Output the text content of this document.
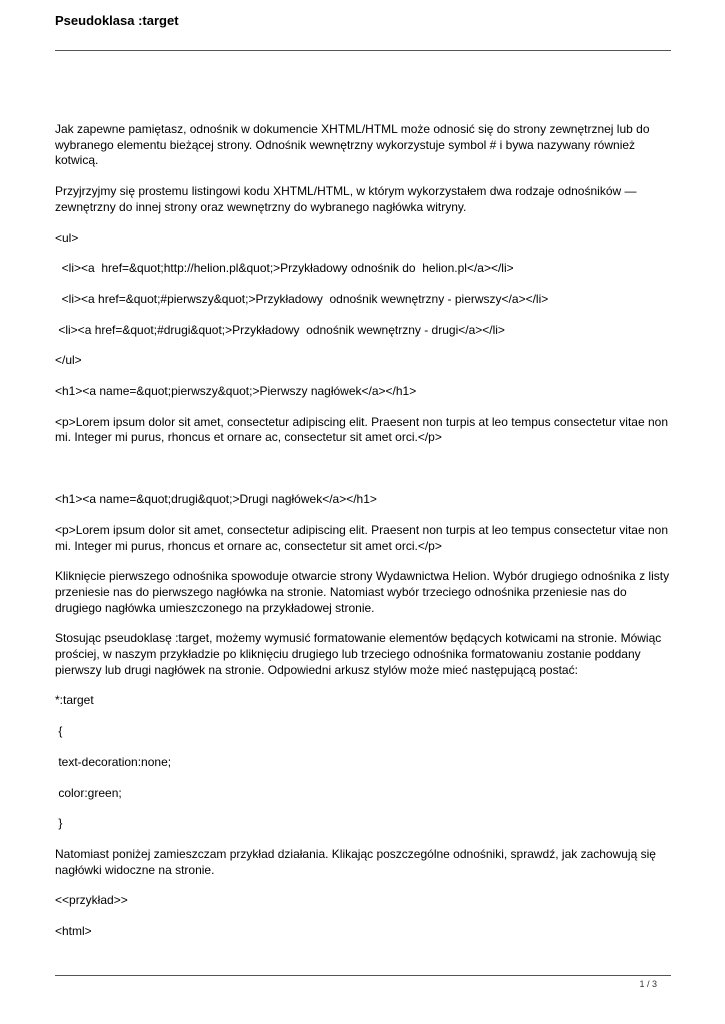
Pseudoklasa :target

Jak zapewne pamiętasz, odnośnik w dokumencie XHTML/HTML może odnosić się do strony zewnętrznej lub do wybranego elementu bieżącej strony. Odnośnik wewnętrzny wykorzystuje symbol # i bywa nazywany również kotwicą.

Przyjrzyjmy się prostemu listingowi kodu XHTML/HTML, w którym wykorzystałem dwa rodzaje odnośników — zewnętrzny do innej strony oraz wewnętrzny do wybranego nagłówka witryny.

<ul>

<li><a  href=&quot;http://helion.pl&quot;>Przykładowy odnośnik do  helion.pl</a></li>

<li><a href=&quot;#pierwszy&quot;>Przykładowy  odnośnik wewnętrzny - pierwszy</a></li>

<li><a href=&quot;#drugi&quot;>Przykładowy  odnośnik wewnętrzny - drugi</a></li>

</ul>

<h1><a name=&quot;pierwszy&quot;>Pierwszy nagłówek</a></h1>

<p>Lorem ipsum dolor sit amet, consectetur adipiscing elit. Praesent non turpis at leo tempus consectetur vitae non mi. Integer mi purus, rhoncus et ornare ac, consectetur sit amet orci.</p>

<h1><a name=&quot;drugi&quot;>Drugi nagłówek</a></h1>

<p>Lorem ipsum dolor sit amet, consectetur adipiscing elit. Praesent non turpis at leo tempus consectetur vitae non mi. Integer mi purus, rhoncus et ornare ac, consectetur sit amet orci.</p>

Kliknięcie pierwszego odnośnika spowoduje otwarcie strony Wydawnictwa Helion. Wybór drugiego odnośnika z listy przeniesie nas do pierwszego nagłówka na stronie. Natomiast wybór trzeciego odnośnika przeniesie nas do drugiego nagłówka umieszczonego na przykładowej stronie.

Stosując pseudoklasę :target, możemy wymusić formatowanie elementów będących kotwicami na stronie. Mówiąc prościej, w naszym przykładzie po kliknięciu drugiego lub trzeciego odnośnika formatowaniu zostanie poddany pierwszy lub drugi nagłówek na stronie. Odpowiedni arkusz stylów może mieć następującą postać:

*:target

{

text-decoration:none;

color:green;

}

Natomiast poniżej zamieszczam przykład działania. Klikając poszczególne odnośniki, sprawdź, jak zachowują się nagłówki widoczne na stronie.

<<przykład>>

<html>

1 / 3
